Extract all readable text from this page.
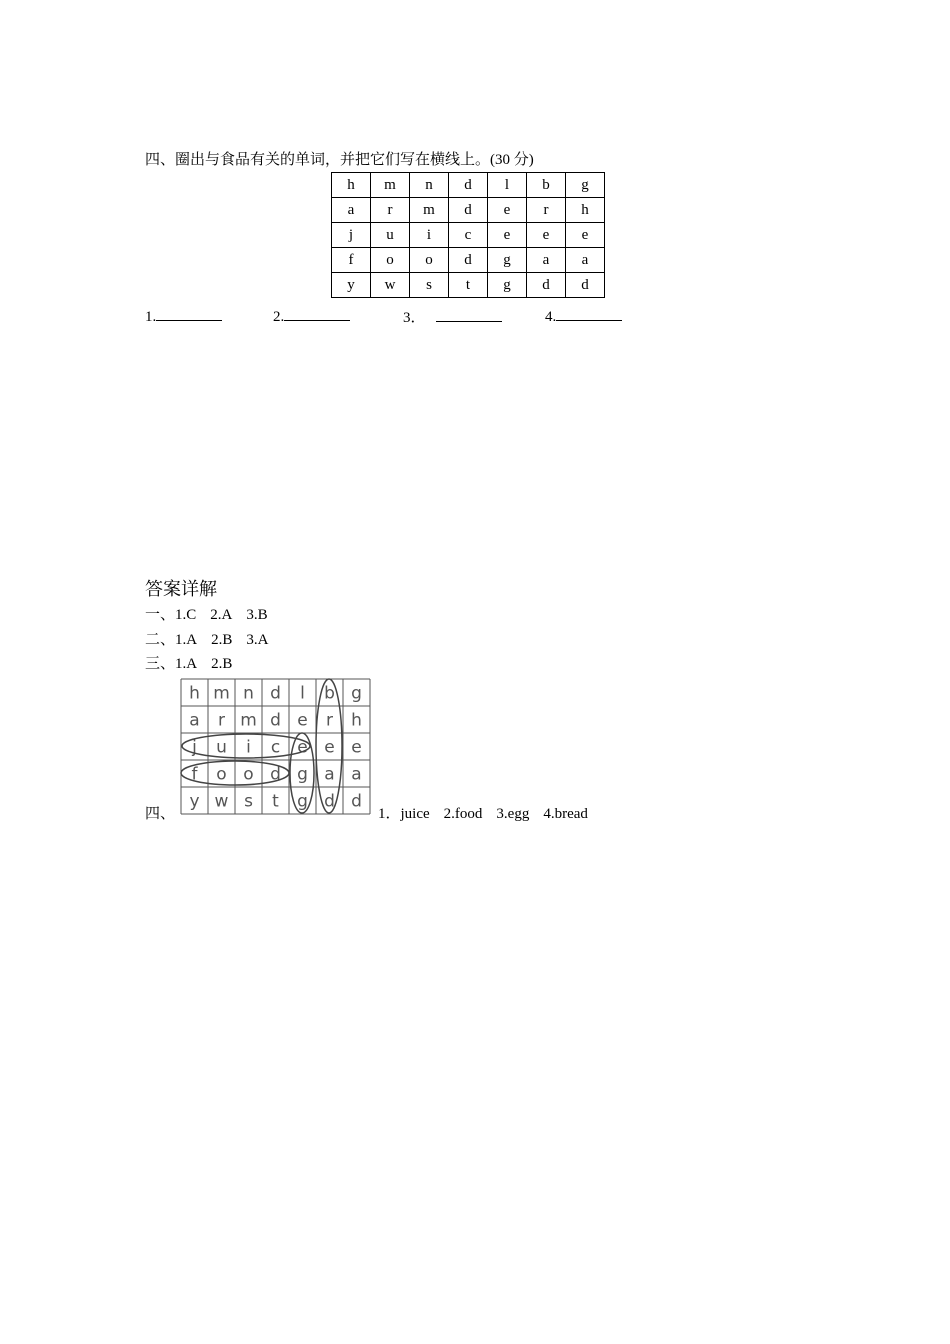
四、圈出与食品有关的单词，并把它们写在横线上。(30 分)
h	m	n	d	l	b	g
a	r	m	d	e	r	h
j	u	i	c	e	e	e
f	o	o	d	g	a	a
y	w	s	t	g	d	d
1.	2.	3．	4.
答案详解
一、1.C 2.A 3.B
二、1.A 2.B 3.A
三、1.A 2.B
h m n d l b g
a r m d e r h
j u i c e e e
f o o d g a a
y w s t g d d
四、	1．juice 2.food 3.egg 4.bread
